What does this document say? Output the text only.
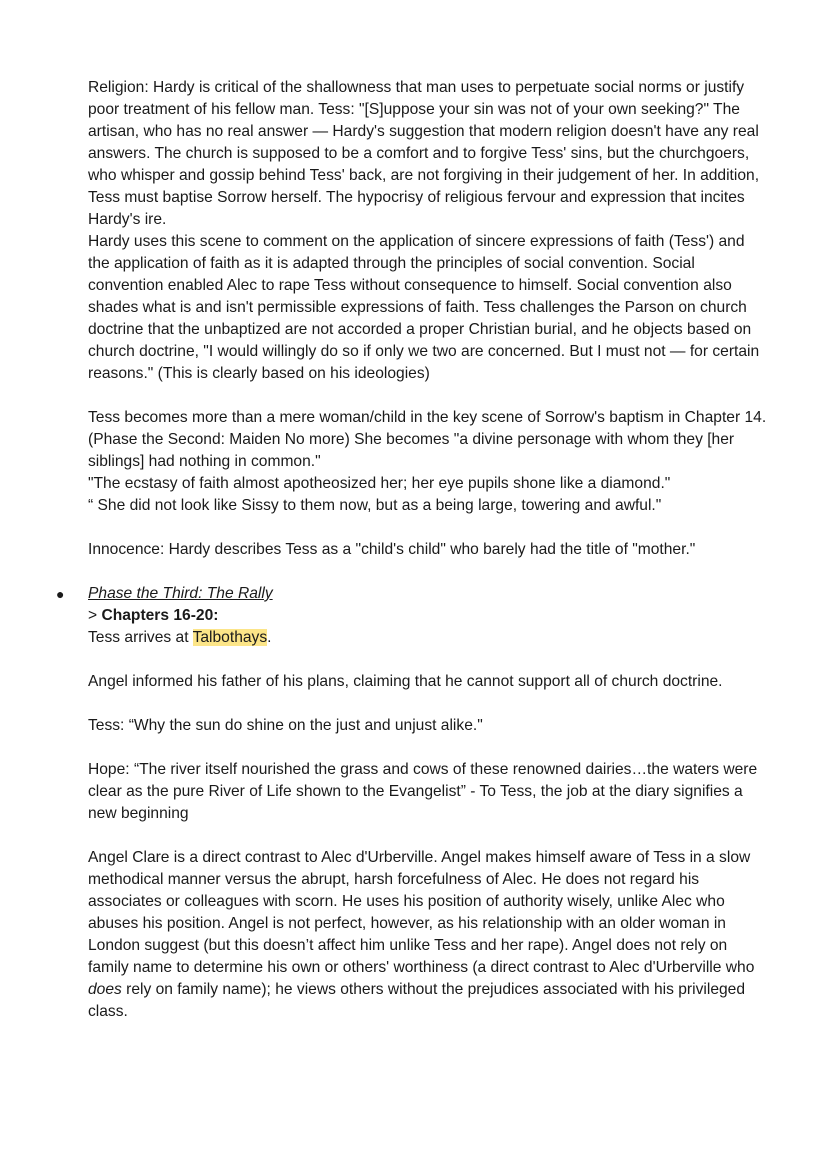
Religion: Hardy is critical of the shallowness that man uses to perpetuate social norms or justify poor treatment of his fellow man. Tess: "[S]uppose your sin was not of your own seeking?" The artisan, who has no real answer — Hardy's suggestion that modern religion doesn't have any real answers. The church is supposed to be a comfort and to forgive Tess' sins, but the churchgoers, who whisper and gossip behind Tess' back, are not forgiving in their judgement of her. In addition, Tess must baptise Sorrow herself. The hypocrisy of religious fervour and expression that incites Hardy's ire.

Hardy uses this scene to comment on the application of sincere expressions of faith (Tess') and the application of faith as it is adapted through the principles of social convention. Social convention enabled Alec to rape Tess without consequence to himself. Social convention also shades what is and isn't permissible expressions of faith. Tess challenges the Parson on church doctrine that the unbaptized are not accorded a proper Christian burial, and he objects based on church doctrine, "I would willingly do so if only we two are concerned. But I must not — for certain reasons." (This is clearly based on his ideologies)

Tess becomes more than a mere woman/child in the key scene of Sorrow's baptism in Chapter 14. (Phase the Second: Maiden No more) She becomes "a divine personage with whom they [her siblings] had nothing in common."

"The ecstasy of faith almost apotheosized her; her eye pupils shone like a diamond."

“ She did not look like Sissy to them now, but as a being large, towering and awful."

Innocence: Hardy describes Tess as a "child's child" who barely had the title of "mother."

● Phase the Third: The Rally

> Chapters 16-20:

Tess arrives at Talbothays.

Angel informed his father of his plans, claiming that he cannot support all of church doctrine.

Tess: “Why the sun do shine on the just and unjust alike."

Hope: “The river itself nourished the grass and cows of these renowned dairies…the waters were clear as the pure River of Life shown to the Evangelist” - To Tess, the job at the diary signifies a new beginning

Angel Clare is a direct contrast to Alec d'Urberville. Angel makes himself aware of Tess in a slow methodical manner versus the abrupt, harsh forcefulness of Alec. He does not regard his associates or colleagues with scorn. He uses his position of authority wisely, unlike Alec who abuses his position. Angel is not perfect, however, as his relationship with an older woman in London suggest (but this doesn’t affect him unlike Tess and her rape). Angel does not rely on family name to determine his own or others' worthiness (a direct contrast to Alec d'Urberville who does rely on family name); he views others without the prejudices associated with his privileged class.
